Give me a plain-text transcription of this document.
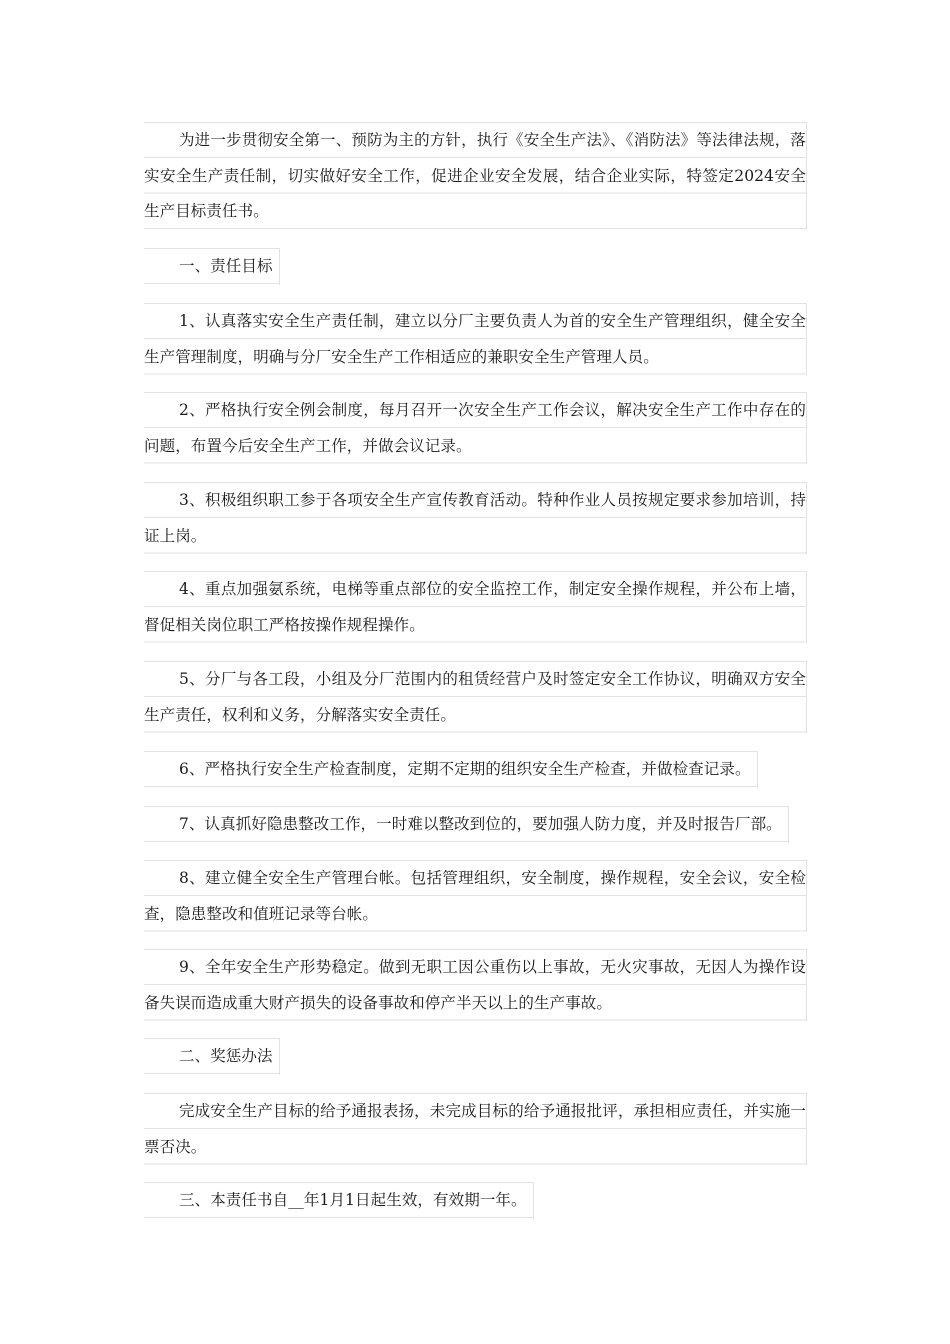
为进一步贯彻安全第一、预防为主的方针，执行《安全生产法》、《消防法》等法律法规，落实安全生产责任制，切实做好安全工作，促进企业安全发展，结合企业实际，特签定2024安全生产目标责任书。

一、责任目标

1、认真落实安全生产责任制，建立以分厂主要负责人为首的安全生产管理组织，健全安全生产管理制度，明确与分厂安全生产工作相适应的兼职安全生产管理人员。

2、严格执行安全例会制度，每月召开一次安全生产工作会议，解决安全生产工作中存在的问题，布置今后安全生产工作，并做会议记录。

3、积极组织职工参于各项安全生产宣传教育活动。特种作业人员按规定要求参加培训，持证上岗。

4、重点加强氨系统，电梯等重点部位的安全监控工作，制定安全操作规程，并公布上墙，督促相关岗位职工严格按操作规程操作。

5、分厂与各工段，小组及分厂范围内的租赁经营户及时签定安全工作协议，明确双方安全生产责任，权利和义务，分解落实安全责任。

6、严格执行安全生产检查制度，定期不定期的组织安全生产检查，并做检查记录。

7、认真抓好隐患整改工作，一时难以整改到位的，要加强人防力度，并及时报告厂部。

8、建立健全安全生产管理台帐。包括管理组织，安全制度，操作规程，安全会议，安全检查，隐患整改和值班记录等台帐。

9、全年安全生产形势稳定。做到无职工因公重伤以上事故，无火灾事故，无因人为操作设备失误而造成重大财产损失的设备事故和停产半天以上的生产事故。

二、奖惩办法

完成安全生产目标的给予通报表扬，未完成目标的给予通报批评，承担相应责任，并实施一票否决。

三、本责任书自__年1月1日起生效，有效期一年。
